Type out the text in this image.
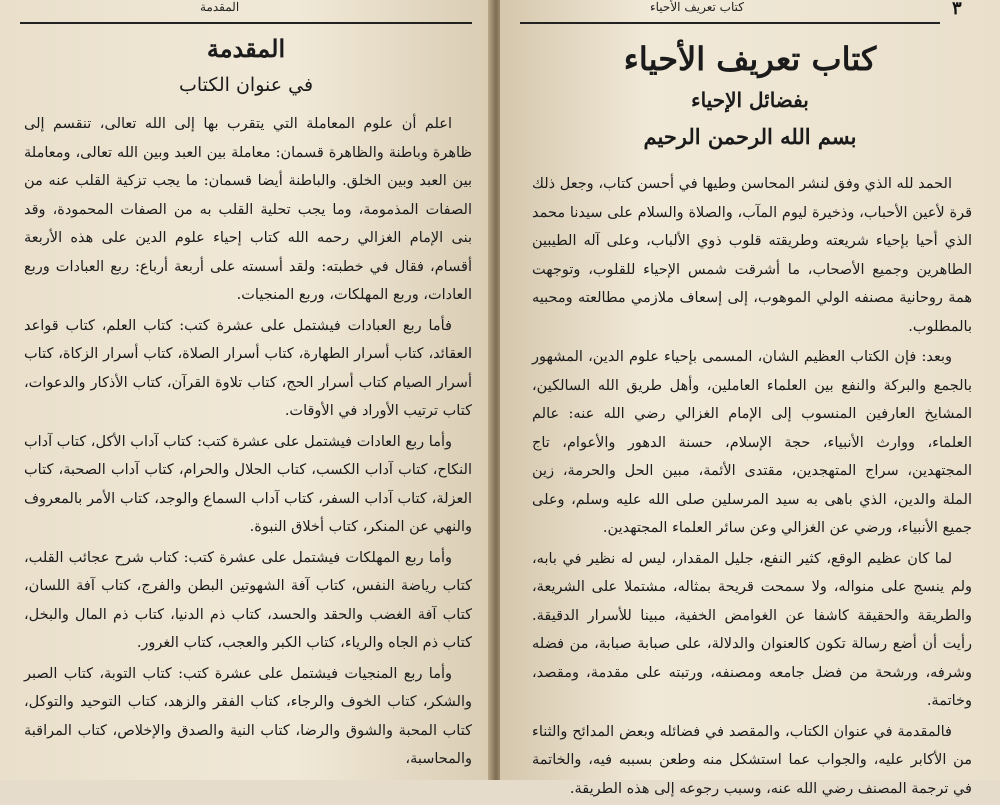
المقدمة
المقدمة
في عنوان الكتاب

اعلم أن علوم المعاملة التي يتقرب بها إلى الله تعالى، تنقسم إلى ظاهرة وباطنة والظاهرة قسمان: معاملة بين العبد وبين الله تعالى، ومعاملة بين العبد وبين الخلق. والباطنة أيضا قسمان: ما يجب تزكية القلب عنه من الصفات المذمومة، وما يجب تحلية القلب به من الصفات المحمودة، وقد بنى الإمام الغزالي رحمه الله كتاب إحياء علوم الدين على هذه الأربعة أقسام، فقال في خطبته: ولقد أسسته على أربعة أرباع: ربع العبادات وربع العادات، وربع المهلكات، وربع المنجيات.

فأما ربع العبادات فيشتمل على عشرة كتب: كتاب العلم، كتاب قواعد العقائد، كتاب أسرار الطهارة، كتاب أسرار الصلاة، كتاب أسرار الزكاة، كتاب أسرار الصيام كتاب أسرار الحج، كتاب تلاوة القرآن، كتاب الأذكار والدعوات، كتاب ترتيب الأوراد في الأوقات.

وأما ربع العادات فيشتمل على عشرة كتب: كتاب آداب الأكل، كتاب آداب النكاح، كتاب آداب الكسب، كتاب الحلال والحرام، كتاب آداب الصحبة، كتاب العزلة، كتاب آداب السفر، كتاب آداب السماع والوجد، كتاب الأمر بالمعروف والنهي عن المنكر، كتاب أخلاق النبوة.

وأما ربع المهلكات فيشتمل على عشرة كتب: كتاب شرح عجائب القلب، كتاب رياضة النفس، كتاب آفة الشهوتين البطن والفرج، كتاب آفة اللسان، كتاب آفة الغضب والحقد والحسد، كتاب ذم الدنيا، كتاب ذم المال والبخل، كتاب ذم الجاه والرياء، كتاب الكبر والعجب، كتاب الغرور.

وأما ربع المنجيات فيشتمل على عشرة كتب: كتاب التوبة، كتاب الصبر والشكر، كتاب الخوف والرجاء، كتاب الفقر والزهد، كتاب التوحيد والتوكل، كتاب المحبة والشوق والرضا، كتاب النية والصدق والإخلاص، كتاب المراقبة والمحاسبة،

٣
كتاب تعريف الأحياء
كتاب تعريف الأحياء
بفضائل الإحياء
بسم الله الرحمن الرحيم

الحمد لله الذي وفق لنشر المحاسن وطيها في أحسن كتاب، وجعل ذلك قرة لأعين الأحباب، وذخيرة ليوم المآب، والصلاة والسلام على سيدنا محمد الذي أحيا بإحياء شريعته وطريقته قلوب ذوي الألباب، وعلى آله الطيبين الطاهرين وجميع الأصحاب، ما أشرقت شمس الإحياء للقلوب، وتوجهت همة روحانية مصنفه الولي الموهوب، إلى إسعاف ملازمي مطالعته ومحبيه بالمطلوب.

وبعد: فإن الكتاب العظيم الشان، المسمى بإحياء علوم الدين، المشهور بالجمع والبركة والنفع بين العلماء العاملين، وأهل طريق الله السالكين، المشايخ العارفين المنسوب إلى الإمام الغزالي رضي الله عنه: عالم العلماء، ووارث الأنبياء، حجة الإسلام، حسنة الدهور والأعوام، تاج المجتهدين، سراج المتهجدين، مقتدى الأئمة، مبين الحل والحرمة، زين الملة والدين، الذي باهى به سيد المرسلين صلى الله عليه وسلم، وعلى جميع الأنبياء، ورضي عن الغزالي وعن سائر العلماء المجتهدين.

لما كان عظيم الوقع، كثير النفع، جليل المقدار، ليس له نظير في بابه، ولم ينسج على منواله، ولا سمحت قريحة بمثاله، مشتملا على الشريعة، والطريقة والحقيقة كاشفا عن الغوامض الخفية، مبينا للأسرار الدقيقة. رأيت أن أضع رسالة تكون كالعنوان والدلالة، على صبابة صبابة، من فضله وشرفه، ورشحة من فضل جامعه ومصنفه، ورتبته على مقدمة، ومقصد، وخاتمة.

فالمقدمة في عنوان الكتاب، والمقصد في فضائله وبعض المدائح والثناء من الأكابر عليه، والجواب عما استشكل منه وطعن بسببه فيه، والخاتمة في ترجمة المصنف رضي الله عنه، وسبب رجوعه إلى هذه الطريقة.
